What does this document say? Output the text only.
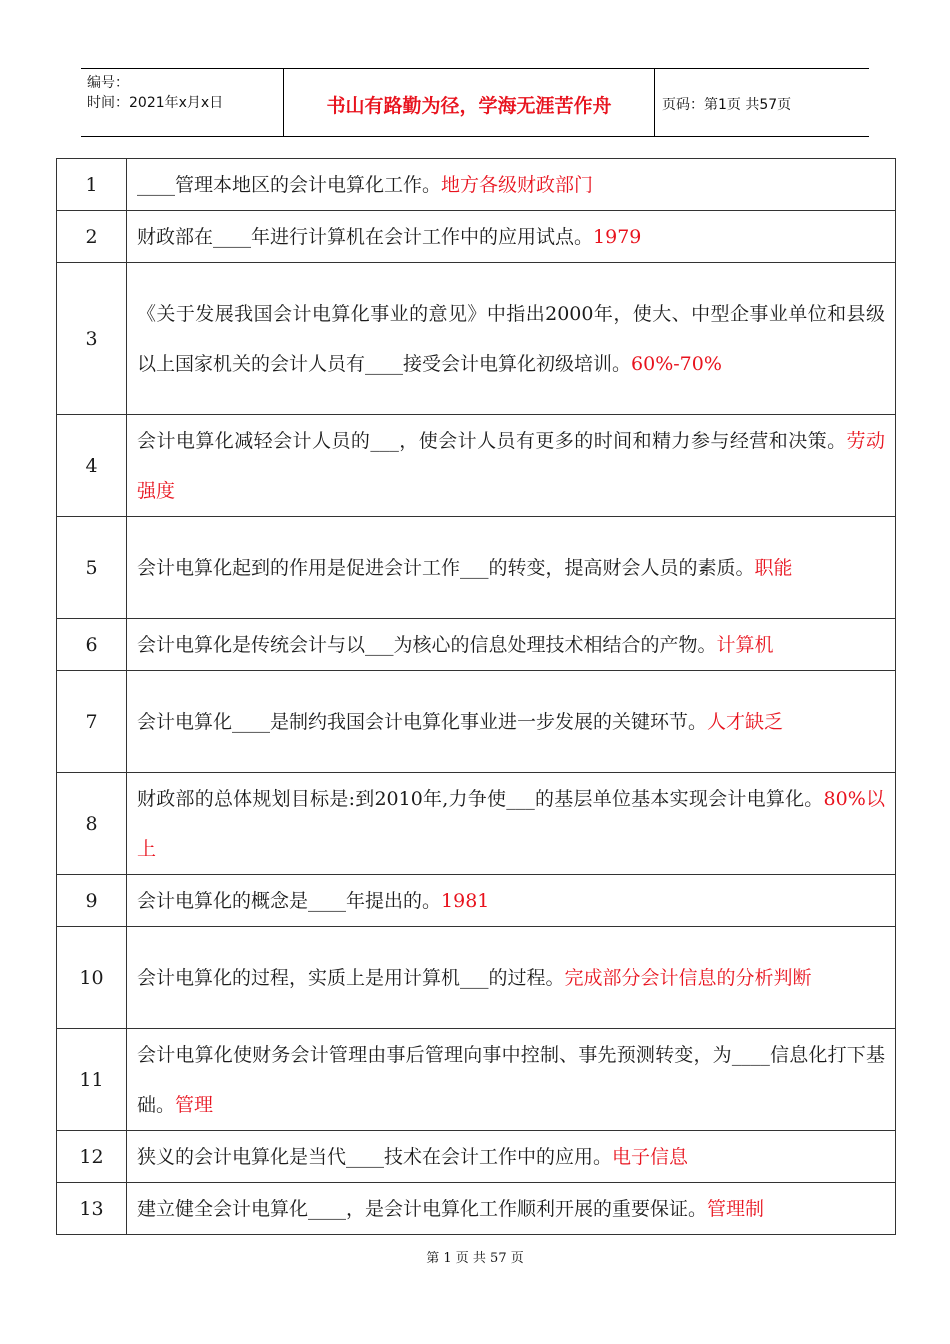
编号：
时间：2021年x月x日	书山有路勤为径，学海无涯苦作舟	页码：第1页 共57页
1	____管理本地区的会计电算化工作。地方各级财政部门
2	财政部在____年进行计算机在会计工作中的应用试点。1979
3	《关于发展我国会计电算化事业的意见》中指出2000年，使大、中型企事业单位和县级以上国家机关的会计人员有____接受会计电算化初级培训。60%-70%
4	会计电算化减轻会计人员的___，使会计人员有更多的时间和精力参与经营和决策。劳动强度
5	会计电算化起到的作用是促进会计工作___的转变，提高财会人员的素质。职能
6	会计电算化是传统会计与以___为核心的信息处理技术相结合的产物。计算机
7	会计电算化____是制约我国会计电算化事业进一步发展的关键环节。人才缺乏
8	财政部的总体规划目标是:到2010年,力争使___的基层单位基本实现会计电算化。80%以上
9	会计电算化的概念是____年提出的。1981
10	会计电算化的过程，实质上是用计算机___的过程。完成部分会计信息的分析判断
11	会计电算化使财务会计管理由事后管理向事中控制、事先预测转变，为____信息化打下基础。管理
12	狭义的会计电算化是当代____技术在会计工作中的应用。电子信息
13	建立健全会计电算化____，是会计电算化工作顺利开展的重要保证。管理制
第 1 页 共 57 页
